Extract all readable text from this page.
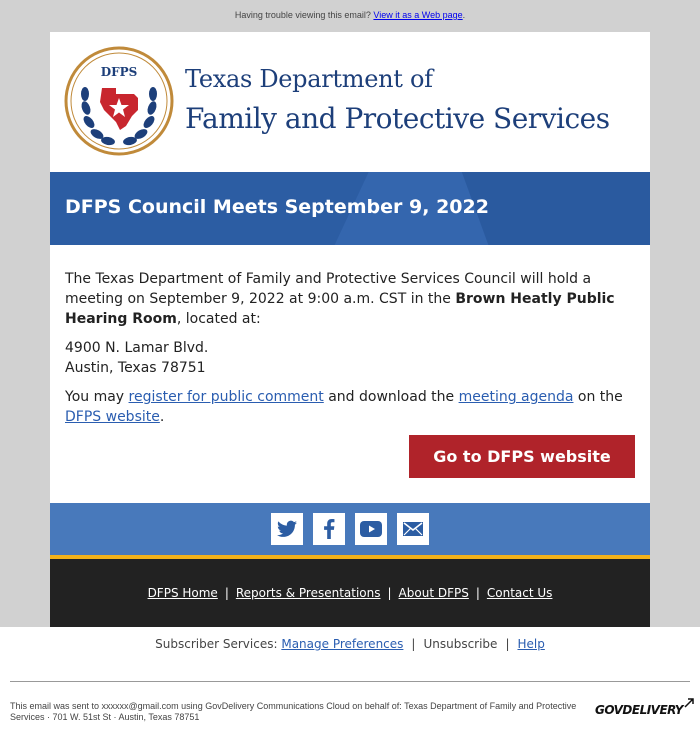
Having trouble viewing this email? View it as a Web page.
DFPS Texas Department of
Family and Protective Services
DFPS Council Meets September 9, 2022

The Texas Department of Family and Protective Services Council will hold a meeting on September 9, 2022 at 9:00 a.m. CST in the Brown Heatly Public Hearing Room, located at:

4900 N. Lamar Blvd.
Austin, Texas 78751

You may register for public comment and download the meeting agenda on the DFPS website.

Go to DFPS website
DFPS Home | Reports & Presentations | About DFPS | Contact Us
Subscriber Services: Manage Preferences | Unsubscribe | Help
This email was sent to xxxxxx@gmail.com using GovDelivery Communications Cloud on behalf of: Texas Department of Family and Protective Services · 701 W. 51st St · Austin, Texas 78751	GOVDELIVERY
